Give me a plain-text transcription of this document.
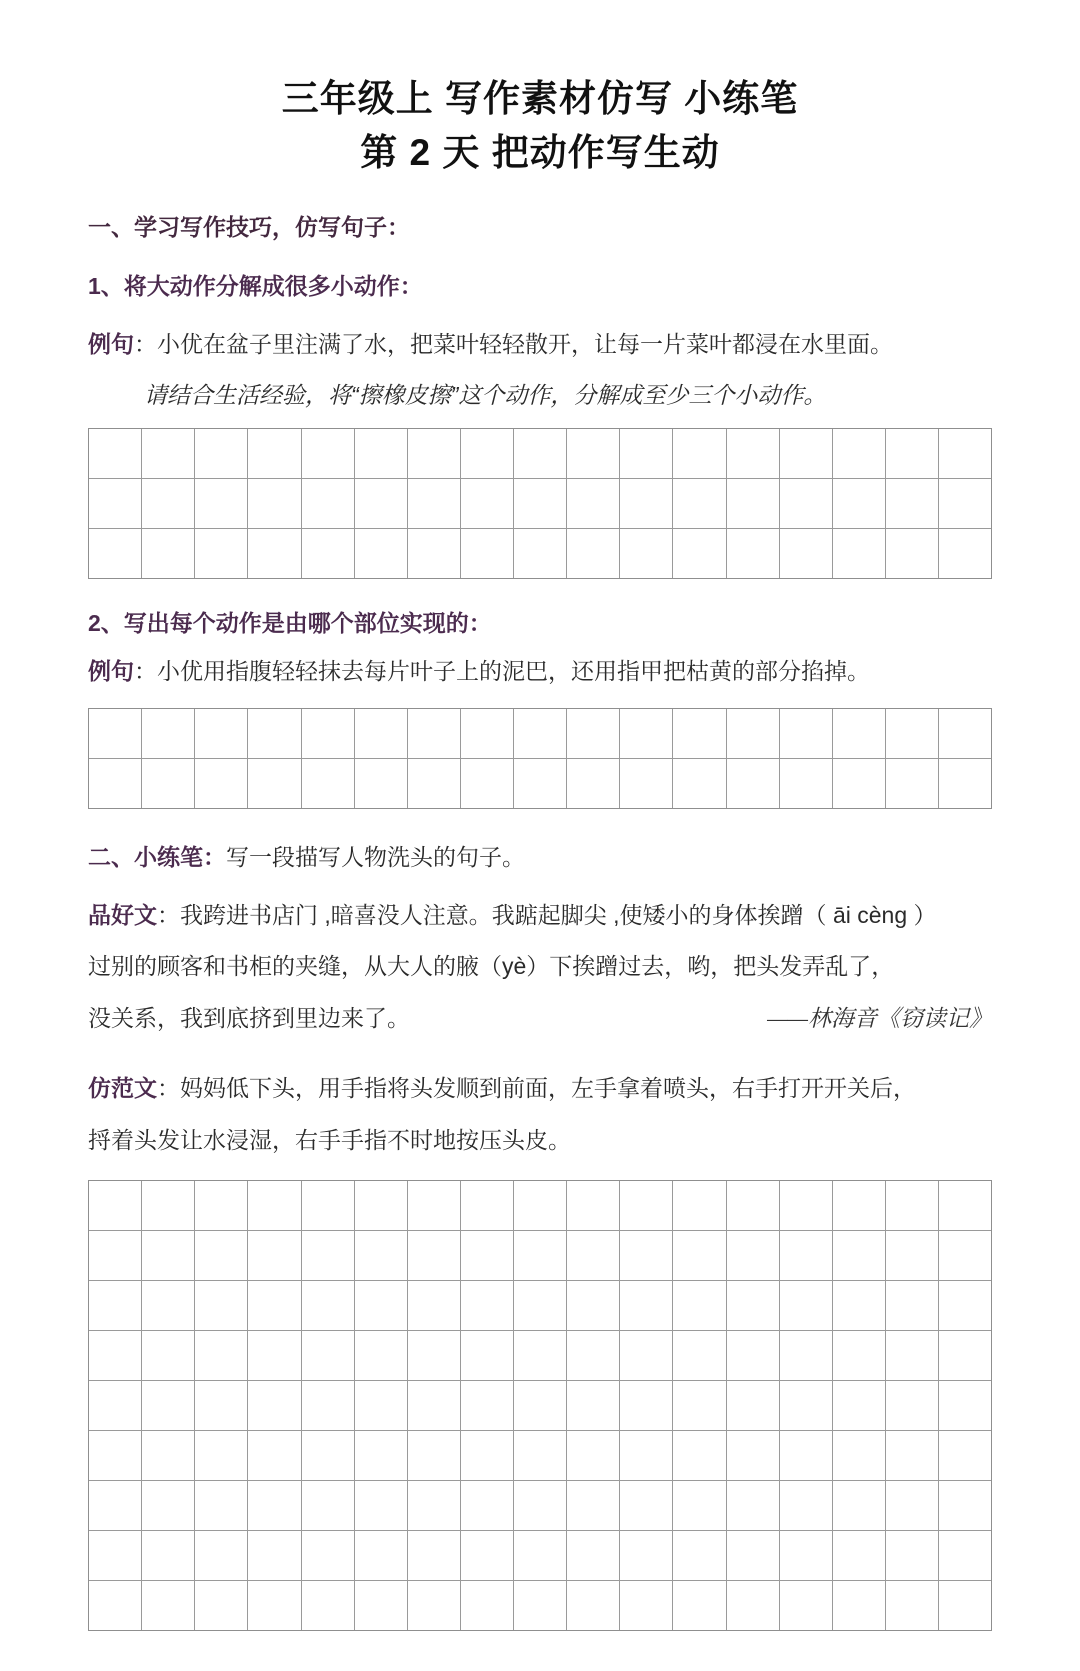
三年级上 写作素材仿写 小练笔
第 2 天 把动作写生动
一、学习写作技巧，仿写句子：
1、将大动作分解成很多小动作：

例句：小优在盆子里注满了水，把菜叶轻轻散开，让每一片菜叶都浸在水里面。

请结合生活经验，将“擦橡皮擦”这个动作，分解成至少三个小动作。

2、写出每个动作是由哪个部位实现的：

例句：小优用指腹轻轻抹去每片叶子上的泥巴，还用指甲把枯黄的部分掐掉。

二、小练笔：写一段描写人物洗头的句子。

品好文：我跨进书店门 ,暗喜没人注意。我踮起脚尖 ,使矮小的身体挨蹭（ āi cèng ）
过别的顾客和书柜的夹缝，从大人的腋（yè）下挨蹭过去，哟，把头发弄乱了，
没关系，我到底挤到里边来了。	——林海音《窃读记》
仿范文：妈妈低下头，用手指将头发顺到前面，左手拿着喷头，右手打开开关后，
捋着头发让水浸湿，右手手指不时地按压头皮。
